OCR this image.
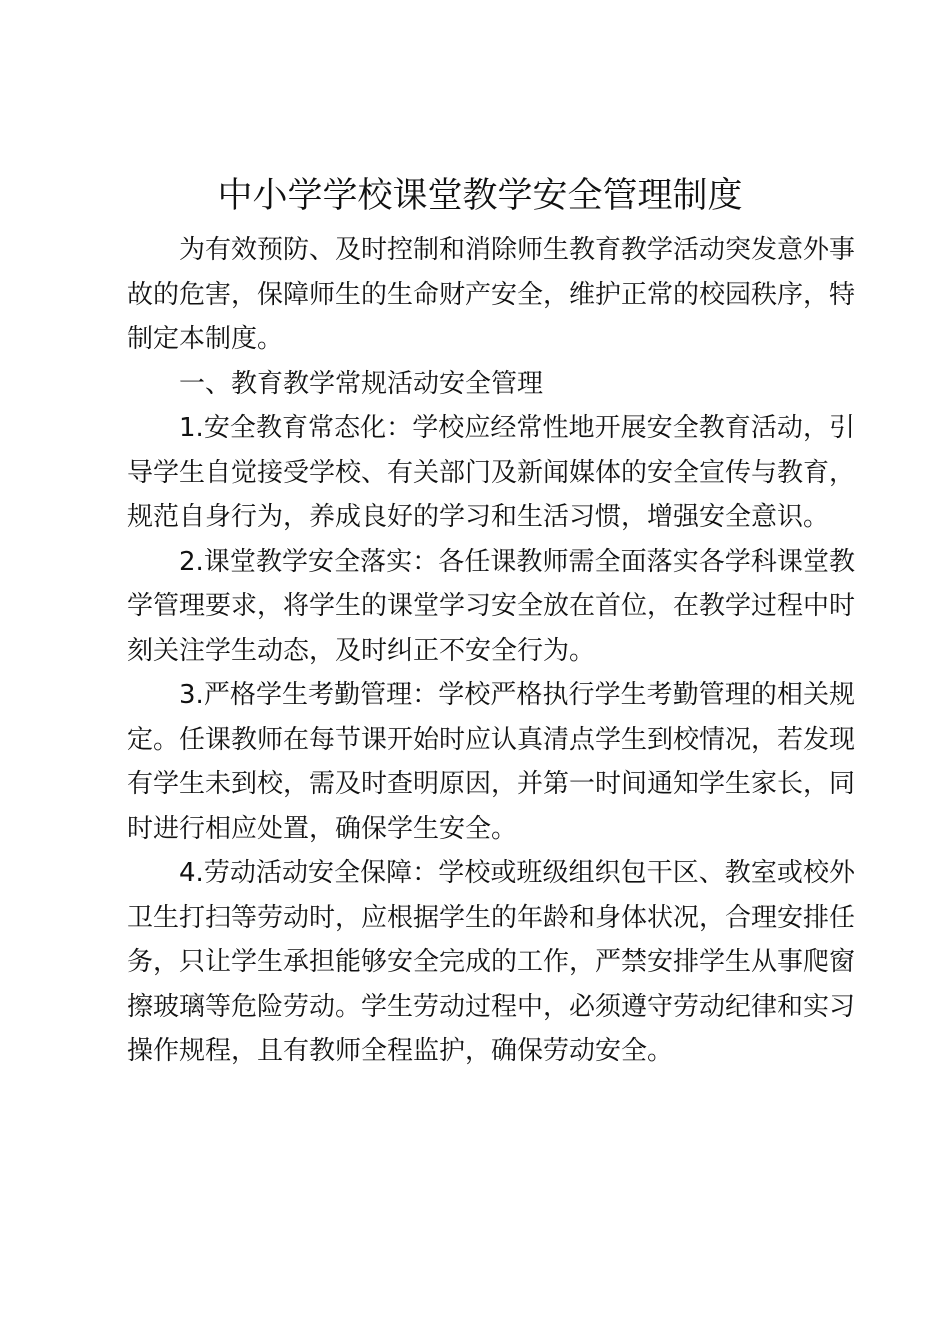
中小学学校课堂教学安全管理制度

为有效预防、及时控制和消除师生教育教学活动突发意外事故的危害，保障师生的生命财产安全，维护正常的校园秩序，特制定本制度。

一、教育教学常规活动安全管理

1.安全教育常态化：学校应经常性地开展安全教育活动，引导学生自觉接受学校、有关部门及新闻媒体的安全宣传与教育，规范自身行为，养成良好的学习和生活习惯，增强安全意识。

2.课堂教学安全落实：各任课教师需全面落实各学科课堂教学管理要求，将学生的课堂学习安全放在首位，在教学过程中时刻关注学生动态，及时纠正不安全行为。

3.严格学生考勤管理：学校严格执行学生考勤管理的相关规定。任课教师在每节课开始时应认真清点学生到校情况，若发现有学生未到校，需及时查明原因，并第一时间通知学生家长，同时进行相应处置，确保学生安全。

4.劳动活动安全保障：学校或班级组织包干区、教室或校外卫生打扫等劳动时，应根据学生的年龄和身体状况，合理安排任务，只让学生承担能够安全完成的工作，严禁安排学生从事爬窗擦玻璃等危险劳动。学生劳动过程中，必须遵守劳动纪律和实习操作规程，且有教师全程监护，确保劳动安全。
